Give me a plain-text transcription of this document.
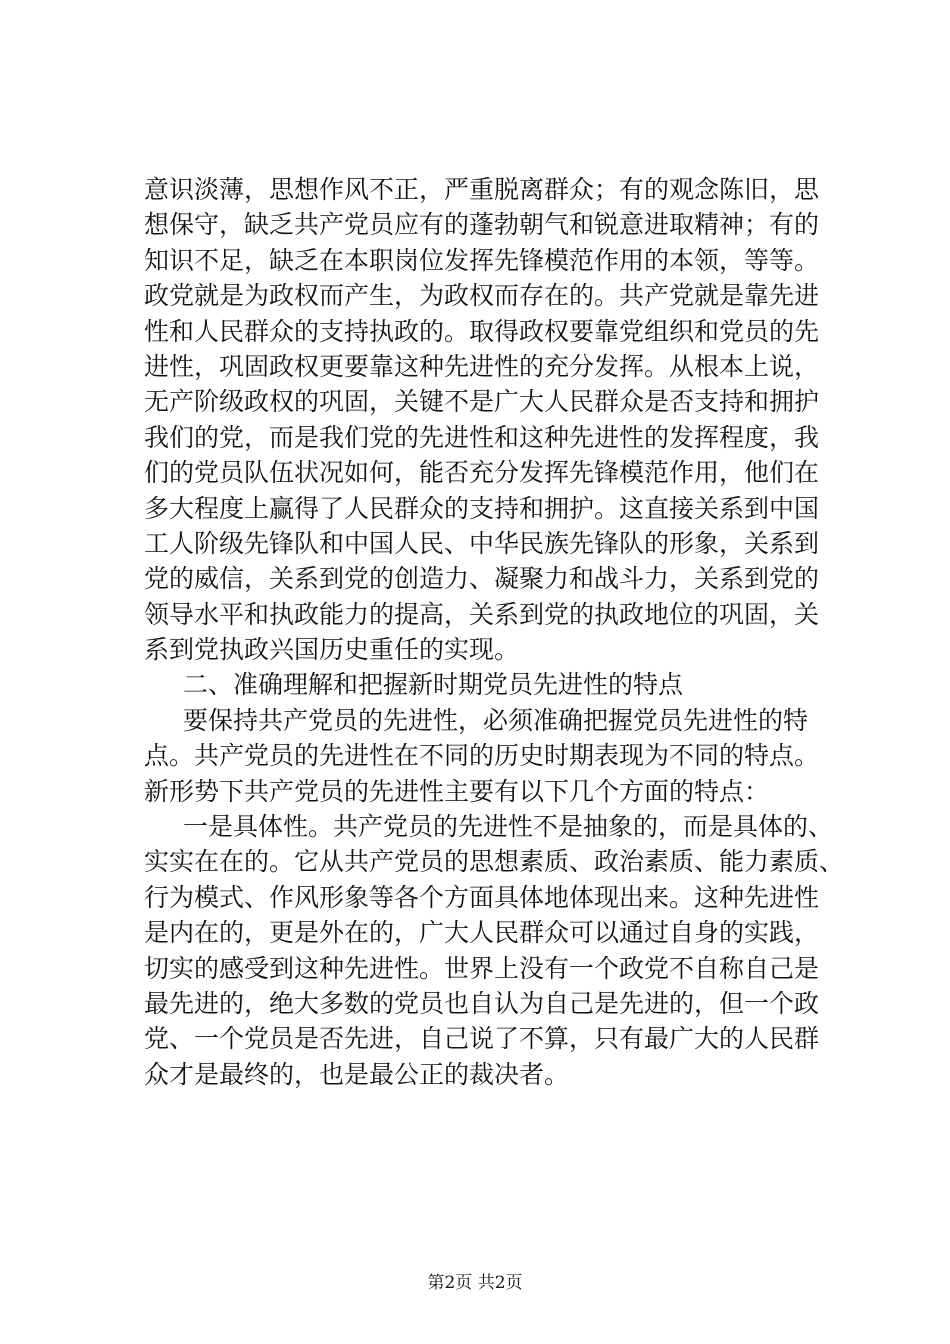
意识淡薄，思想作风不正，严重脱离群众；有的观念陈旧，思
想保守，缺乏共产党员应有的蓬勃朝气和锐意进取精神；有的
知识不足，缺乏在本职岗位发挥先锋模范作用的本领，等等。
政党就是为政权而产生，为政权而存在的。共产党就是靠先进
性和人民群众的支持执政的。取得政权要靠党组织和党员的先
进性，巩固政权更要靠这种先进性的充分发挥。从根本上说，
无产阶级政权的巩固，关键不是广大人民群众是否支持和拥护
我们的党，而是我们党的先进性和这种先进性的发挥程度，我
们的党员队伍状况如何，能否充分发挥先锋模范作用，他们在
多大程度上赢得了人民群众的支持和拥护。这直接关系到中国
工人阶级先锋队和中国人民、中华民族先锋队的形象，关系到
党的威信，关系到党的创造力、凝聚力和战斗力，关系到党的
领导水平和执政能力的提高，关系到党的执政地位的巩固，关
系到党执政兴国历史重任的实现。
二、准确理解和把握新时期党员先进性的特点
要保持共产党员的先进性，必须准确把握党员先进性的特
点。共产党员的先进性在不同的历史时期表现为不同的特点。
新形势下共产党员的先进性主要有以下几个方面的特点：
一是具体性。共产党员的先进性不是抽象的，而是具体的、
实实在在的。它从共产党员的思想素质、政治素质、能力素质、
行为模式、作风形象等各个方面具体地体现出来。这种先进性
是内在的，更是外在的，广大人民群众可以通过自身的实践，
切实的感受到这种先进性。世界上没有一个政党不自称自己是
最先进的，绝大多数的党员也自认为自己是先进的，但一个政
党、一个党员是否先进，自己说了不算，只有最广大的人民群
众才是最终的，也是最公正的裁决者。
第2页 共2页
